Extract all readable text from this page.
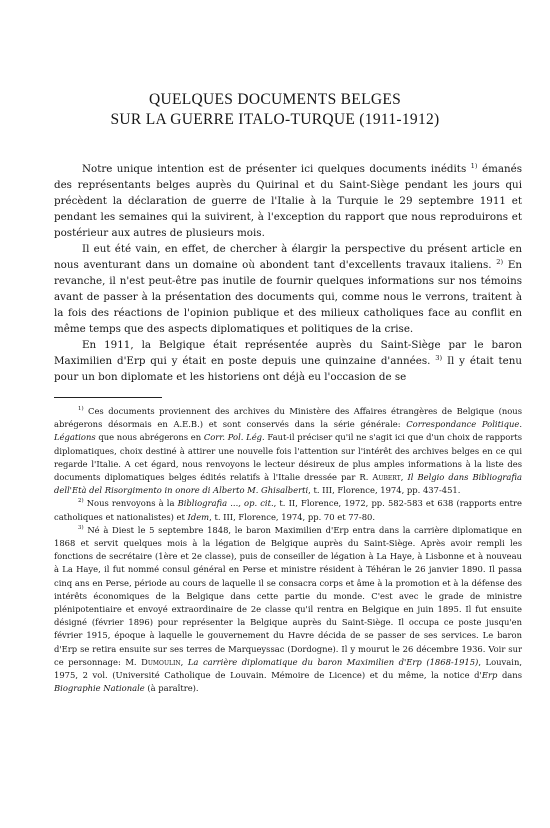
QUELQUES DOCUMENTS BELGES
SUR LA GUERRE ITALO-TURQUE (1911-1912)

Notre unique intention est de présenter ici quelques documents inédits $^{1)}$ émanés des représentants belges auprès du Quirinal et du Saint-Siège pendant les jours qui précèdent la déclaration de guerre de l'Italie à la Turquie le 29 septembre 1911 et pendant les semaines qui la suivirent, à l'exception du rapport que nous reproduirons et postérieur aux autres de plusieurs mois.

Il eut été vain, en effet, de chercher à élargir la perspective du présent article en nous aventurant dans un domaine où abondent tant d'excellents travaux italiens. $^{2)}$ En revanche, il n'est peut-être pas inutile de fournir quelques informations sur nos témoins avant de passer à la présentation des documents qui, comme nous le verrons, traitent à la fois des réactions de l'opinion publique et des milieux catholiques face au conflit en même temps que des aspects diplomatiques et politiques de la crise.

En 1911, la Belgique était représentée auprès du Saint-Siège par le baron Maximilien d'Erp qui y était en poste depuis une quinzaine d'années. $^{3)}$ Il y était tenu pour un bon diplomate et les historiens ont déjà eu l'occasion de se

$^{1)}$ Ces documents proviennent des archives du Ministère des Affaires étrangères de Belgique (nous abrégerons désormais en A.E.B.) et sont conservés dans la série générale: Correspondance Politique. Légations que nous abrégerons en Corr. Pol. Lég. Faut-il préciser qu'il ne s'agit ici que d'un choix de rapports diplomatiques, choix destiné à attirer une nouvelle fois l'attention sur l'intérêt des archives belges en ce qui regarde l'Italie. A cet égard, nous renvoyons le lecteur désireux de plus amples informations à la liste des documents diplomatiques belges édités relatifs à l'Italie dressée par R. Aubert, Il Belgio dans Bibliografia dell'Età del Risorgimento in onore di Alberto M. Ghisalberti, t. III, Florence, 1974, pp. 437-451.

$^{2)}$ Nous renvoyons à la Bibliografia ..., op. cit., t. II, Florence, 1972, pp. 582-583 et 638 (rapports entre catholiques et nationalistes) et Idem, t. III, Florence, 1974, pp. 70 et 77-80.

$^{3)}$ Né à Diest le 5 septembre 1848, le baron Maximilien d'Erp entra dans la carrière diplomatique en 1868 et servit quelques mois à la légation de Belgique auprès du Saint-Siège. Après avoir rempli les fonctions de secrétaire (1ère et 2e classe), puis de conseiller de légation à La Haye, à Lisbonne et à nouveau à La Haye, il fut nommé consul général en Perse et ministre résident à Téhéran le 26 janvier 1890. Il passa cinq ans en Perse, période au cours de laquelle il se consacra corps et âme à la promotion et à la défense des intérêts économiques de la Belgique dans cette partie du monde. C'est avec le grade de ministre plénipotentiaire et envoyé extraordinaire de 2e classe qu'il rentra en Belgique en juin 1895. Il fut ensuite désigné (février 1896) pour représenter la Belgique auprès du Saint-Siège. Il occupa ce poste jusqu'en février 1915, époque à laquelle le gouvernement du Havre décida de se passer de ses services. Le baron d'Erp se retira ensuite sur ses terres de Marqueyssac (Dordogne). Il y mourut le 26 décembre 1936. Voir sur ce personnage: M. Dumoulin, La carrière diplomatique du baron Maximilien d'Erp (1868-1915), Louvain, 1975, 2 vol. (Université Catholique de Louvain. Mémoire de Licence) et du même, la notice d'Erp dans Biographie Nationale (à paraître).
